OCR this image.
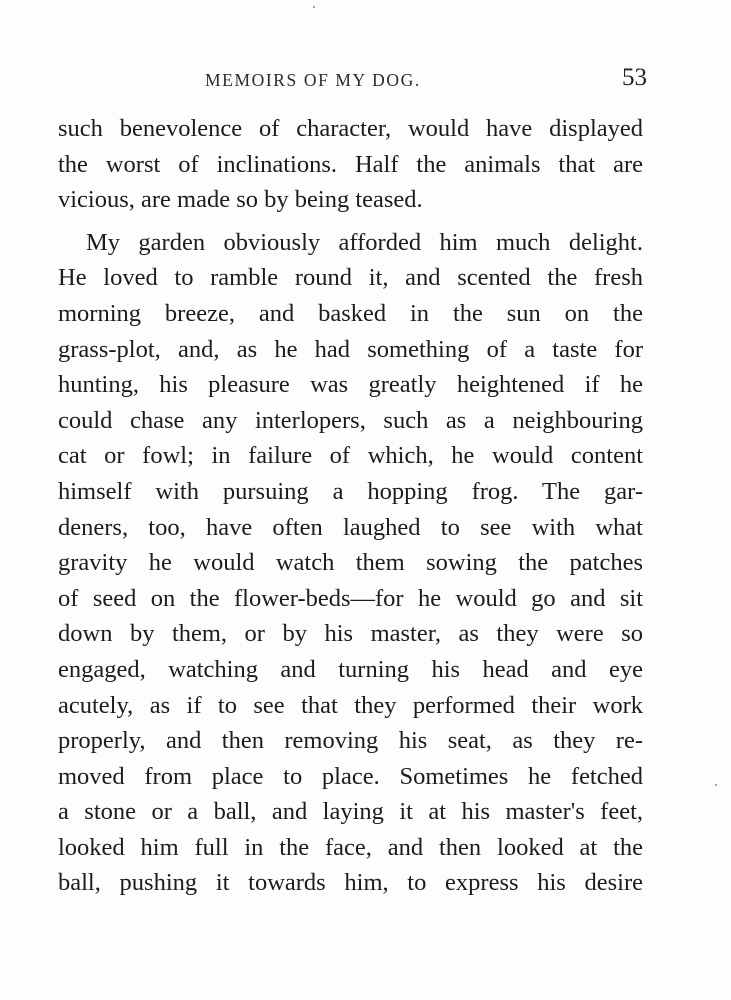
MEMOIRS OF MY DOG.	53
such benevolence of character, would have displayed
the worst of inclinations. Half the animals that are
vicious, are made so by being teased.
My garden obviously afforded him much delight.
He loved to ramble round it, and scented the fresh
morning breeze, and basked in the sun on the
grass-plot, and, as he had something of a taste for
hunting, his pleasure was greatly heightened if he
could chase any interlopers, such as a neighbouring
cat or fowl; in failure of which, he would content
himself with pursuing a hopping frog. The gar-
deners, too, have often laughed to see with what
gravity he would watch them sowing the patches
of seed on the flower-beds—for he would go and sit
down by them, or by his master, as they were so
engaged, watching and turning his head and eye
acutely, as if to see that they performed their work
properly, and then removing his seat, as they re-
moved from place to place. Sometimes he fetched
a stone or a ball, and laying it at his master's feet,
looked him full in the face, and then looked at the
ball, pushing it towards him, to express his desire
